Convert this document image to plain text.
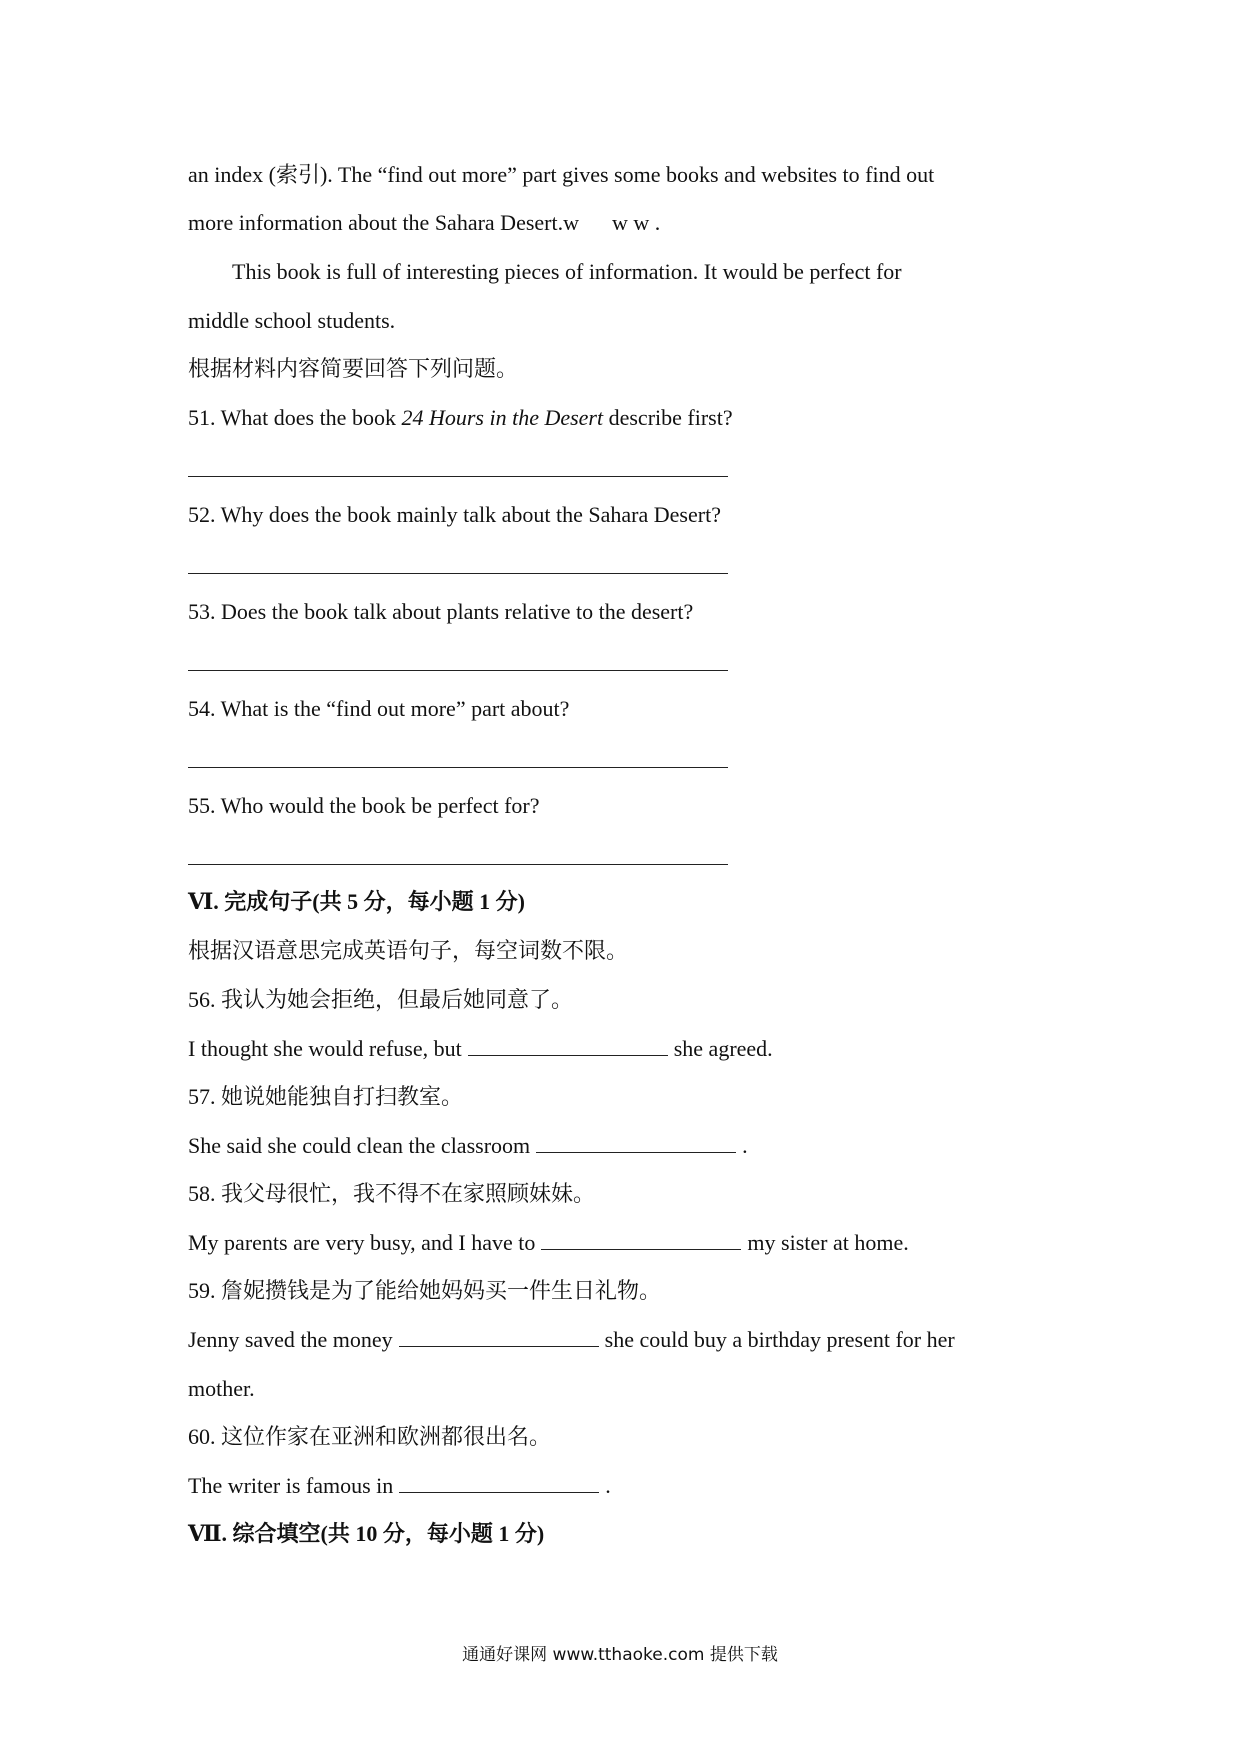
an index (索引). The “find out more” part gives some books and websites to find out
more information about the Sahara Desert.w      w w .
This book is full of interesting pieces of information. It would be perfect for
middle school students.
根据材料内容简要回答下列问题。
51. What does the book 24 Hours in the Desert describe first?
52. Why does the book mainly talk about the Sahara Desert?
53. Does the book talk about plants relative to the desert?
54. What is the “find out more” part about?
55. Who would the book be perfect for?
Ⅵ. 完成句子(共 5 分，每小题 1 分)
根据汉语意思完成英语句子，每空词数不限。
56. 我认为她会拒绝，但最后她同意了。
I thought she would refuse, but	she agreed.
57. 她说她能独自打扫教室。
She said she could clean the classroom	.
58. 我父母很忙，我不得不在家照顾妹妹。
My parents are very busy, and I have to	my sister at home.
59. 詹妮攒钱是为了能给她妈妈买一件生日礼物。
Jenny saved the money	she could buy a birthday present for her
mother.
60. 这位作家在亚洲和欧洲都很出名。
The writer is famous in	.
Ⅶ. 综合填空(共 10 分，每小题 1 分)
通通好课网 www.tthaoke.com 提供下载
